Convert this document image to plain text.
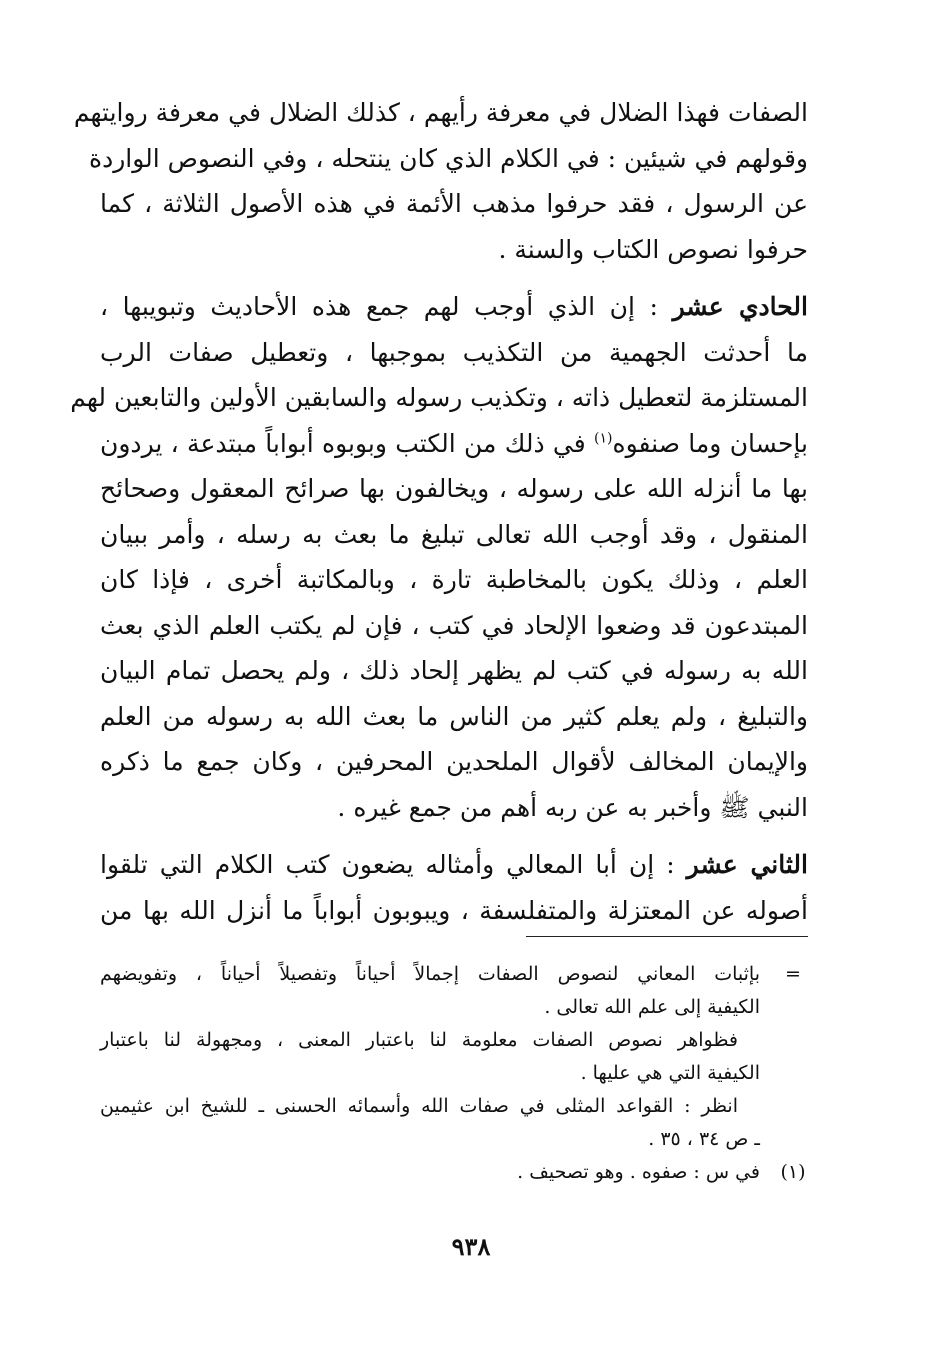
الصفات فهذا الضلال في معرفة رأيهم ، كذلك الضلال في معرفة روايتهم
وقولهم في شيئين : في الكلام الذي كان ينتحله ، وفي النصوص الواردة
عن الرسول ، فقد حرفوا مذهب الأئمة في هذه الأصول الثلاثة ، كما
حرفوا نصوص الكتاب والسنة .

الحادي عشر : إن الذي أوجب لهم جمع هذه الأحاديث وتبويبها ،
ما أحدثت الجهمية من التكذيب بموجبها ، وتعطيل صفات الرب
المستلزمة لتعطيل ذاته ، وتكذيب رسوله والسابقين الأولين والتابعين لهم
بإحسان وما صنفوه$^{(١)}$ في ذلك من الكتب وبوبوه أبواباً مبتدعة ، يردون
بها ما أنزله الله على رسوله ، ويخالفون بها صرائح المعقول وصحائح
المنقول ، وقد أوجب الله تعالى تبليغ ما بعث به رسله ، وأمر ببيان
العلم ، وذلك يكون بالمخاطبة تارة ، وبالمكاتبة أخرى ، فإذا كان
المبتدعون قد وضعوا الإلحاد في كتب ، فإن لم يكتب العلم الذي بعث
الله به رسوله في كتب لم يظهر إلحاد ذلك ، ولم يحصل تمام البيان
والتبليغ ، ولم يعلم كثير من الناس ما بعث الله به رسوله من العلم
والإيمان المخالف لأقوال الملحدين المحرفين ، وكان جمع ما ذكره
النبي ﷺ وأخبر به عن ربه أهم من جمع غيره .

الثاني عشر : إن أبا المعالي وأمثاله يضعون كتب الكلام التي تلقوا
أصوله عن المعتزلة والمتفلسفة ، ويبوبون أبواباً ما أنزل الله بها من

=
بإثبات المعاني لنصوص الصفات إجمالاً أحياناً وتفصيلاً أحياناً ، وتفويضهم
الكيفية إلى علم الله تعالى .
فظواهر نصوص الصفات معلومة لنا باعتبار المعنى ، ومجهولة لنا باعتبار
الكيفية التي هي عليها .
انظر : القواعد المثلى في صفات الله وأسمائه الحسنى ـ للشيخ ابن عثيمين
ـ ص ٣٤ ، ٣٥ .
(١)
في س : صفوه . وهو تصحيف .
٩٣٨
